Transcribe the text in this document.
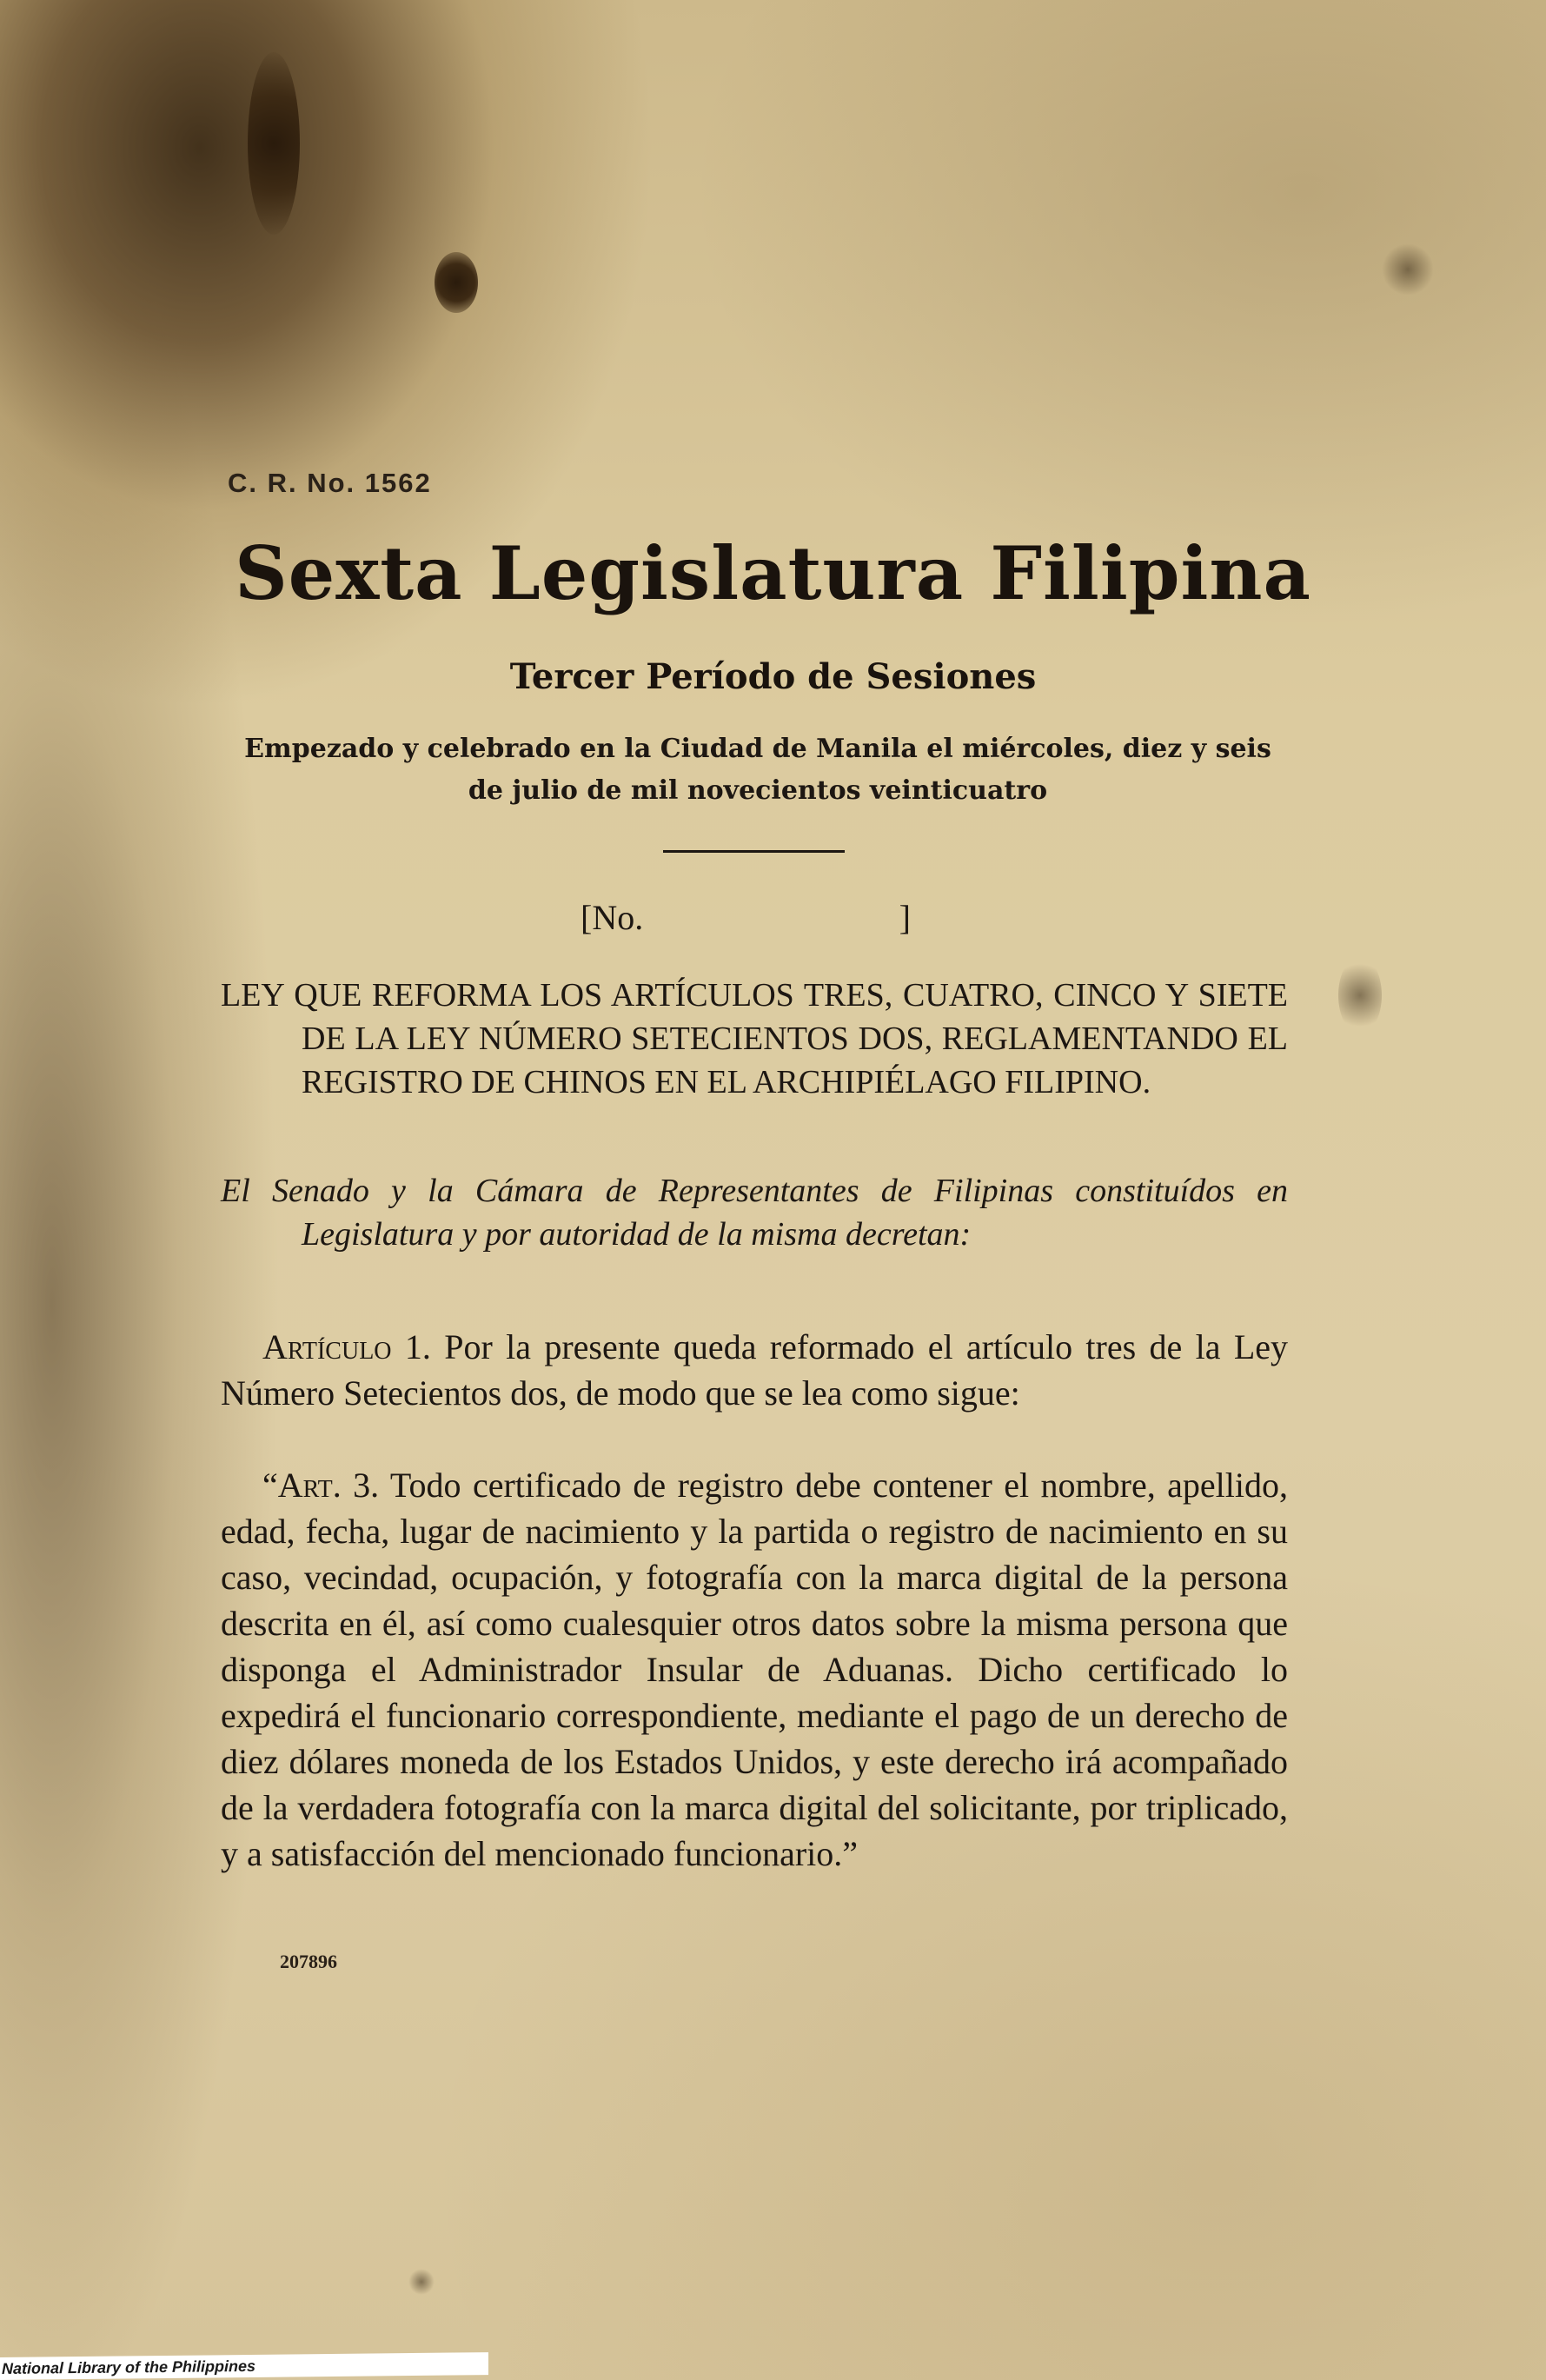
C. R. No. 1562
Sexta Legislatura Filipina
Tercer Período de Sesiones
Empezado y celebrado en la Ciudad de Manila el miércoles, diez y seis de julio de mil novecientos veinticuatro
[No.	]
LEY QUE REFORMA LOS ARTÍCULOS TRES, CUATRO, CINCO Y SIETE DE LA LEY NÚMERO SETECIENTOS DOS, REGLAMENTANDO EL REGISTRO DE CHINOS EN EL ARCHIPIÉLAGO FILIPINO.
El Senado y la Cámara de Representantes de Filipinas constituídos en Legislatura y por autoridad de la misma decretan:
Artículo 1. Por la presente queda reformado el artículo tres de la Ley Número Setecientos dos, de modo que se lea como sigue:
“Art. 3. Todo certificado de registro debe contener el nombre, apellido, edad, fecha, lugar de nacimiento y la partida o registro de nacimiento en su caso, vecindad, ocupación, y fotografía con la marca digital de la persona descrita en él, así como cualesquier otros datos sobre la misma persona que disponga el Administrador Insular de Aduanas. Dicho certificado lo expedirá el funcionario correspondiente, mediante el pago de un derecho de diez dólares moneda de los Estados Unidos, y este derecho irá acompañado de la verdadera fotografía con la marca digital del solicitante, por triplicado, y a satisfacción del mencionado funcionario.”
207896
National Library of the Philippines
